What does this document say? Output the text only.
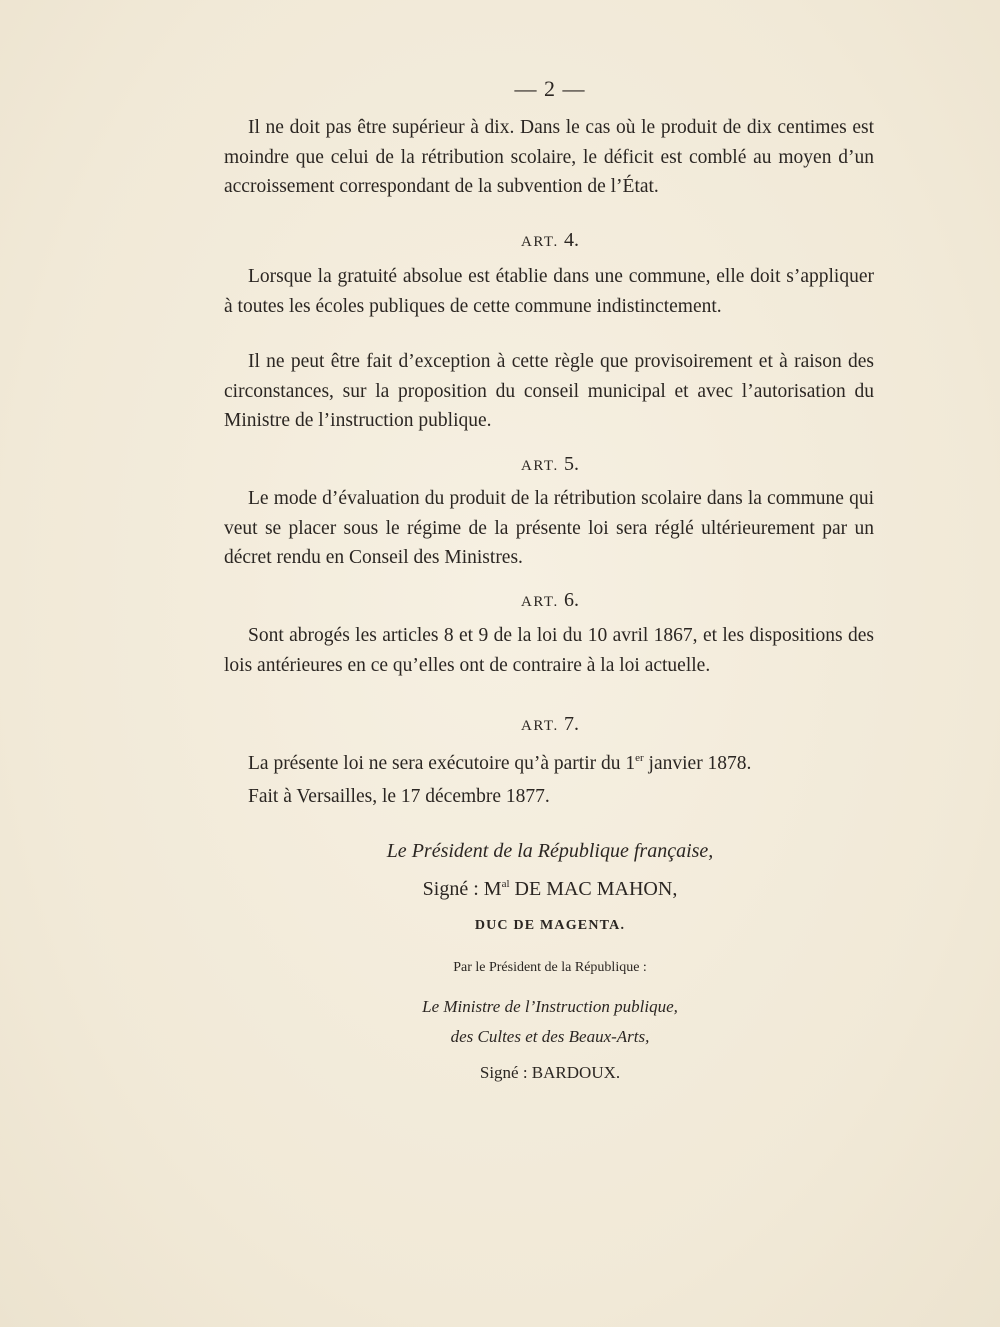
— 2 —

Il ne doit pas être supérieur à dix. Dans le cas où le produit de dix centimes est moindre que celui de la rétribution scolaire, le déficit est comblé au moyen d’un accroissement correspondant de la subvention de l’État.

ART. 4.

Lorsque la gratuité absolue est établie dans une commune, elle doit s’appliquer à toutes les écoles publiques de cette commune indistinctement.

Il ne peut être fait d’exception à cette règle que provisoirement et à raison des circonstances, sur la proposition du conseil municipal et avec l’autorisation du Ministre de l’instruction publique.

ART. 5.

Le mode d’évaluation du produit de la rétribution scolaire dans la commune qui veut se placer sous le régime de la présente loi sera réglé ultérieurement par un décret rendu en Conseil des Ministres.

ART. 6.

Sont abrogés les articles 8 et 9 de la loi du 10 avril 1867, et les dispositions des lois antérieures en ce qu’elles ont de contraire à la loi actuelle.

ART. 7.

La présente loi ne sera exécutoire qu’à partir du 1er janvier 1878.

Fait à Versailles, le 17 décembre 1877.

Le Président de la République française,
Signé : $M^{al}$ DE MAC MAHON,
DUC DE MAGENTA.
Par le Président de la République :
Le Ministre de l’Instruction publique,
des Cultes et des Beaux-Arts,
Signé : BARDOUX.
